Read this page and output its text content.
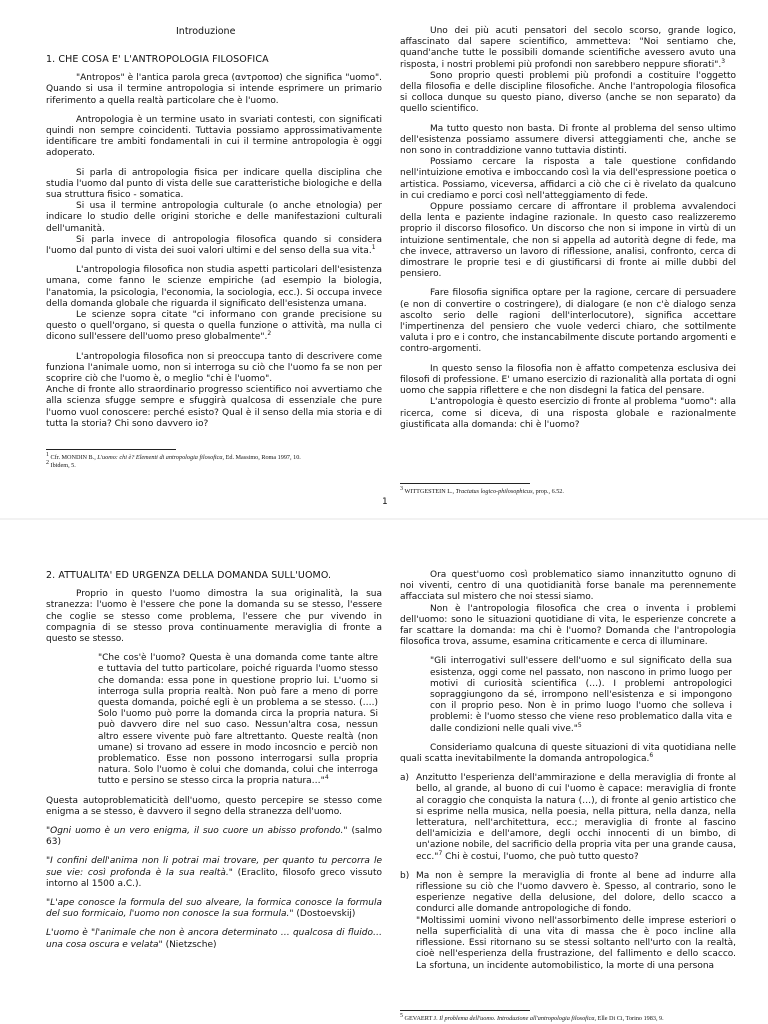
Introduzione
1. CHE COSA E' L'ANTROPOLOGIA FILOSOFICA

"Antropos" è l'antica parola greca (αντροποσ) che significa "uomo". Quando si usa il termine antropologia si intende esprimere un primario riferimento a quella realtà particolare che è l'uomo.

Antropologia è un termine usato in svariati contesti, con significati quindi non sempre coincidenti. Tuttavia possiamo approssimativamente identificare tre ambiti fondamentali in cui il termine antropologia è oggi adoperato.

Si parla di antropologia fisica per indicare quella disciplina che studia l'uomo dal punto di vista delle sue caratteristiche biologiche e della sua struttura fisico - somatica.

Si usa il termine antropologia culturale (o anche etnologia) per indicare lo studio delle origini storiche e delle manifestazioni culturali dell'umanità.

Si parla invece di antropologia filosofica quando si considera l'uomo dal punto di vista dei suoi valori ultimi e del senso della sua vita.$^1$

L'antropologia filosofica non studia aspetti particolari dell'esistenza umana, come fanno le scienze empiriche (ad esempio la biologia, l'anatomia, la psicologia, l'economia, la sociologia, ecc.). Si occupa invece della domanda globale che riguarda il significato dell'esistenza umana.

Le scienze sopra citate "ci informano con grande precisione su questo o quell'organo, si questa o quella funzione o attività, ma nulla ci dicono sull'essere dell'uomo preso globalmente".$^2$

L'antropologia filosofica non si preoccupa tanto di descrivere come funziona l'animale uomo, non si interroga su ciò che l'uomo fa se non per scoprire ciò che l'uomo è, o meglio "chi è l'uomo".

Anche di fronte allo straordinario progresso scientifico noi avvertiamo che alla scienza sfugge sempre e sfuggirà qualcosa di essenziale che pure l'uomo vuol conoscere: perché esisto? Qual è il senso della mia storia e di tutta la storia? Chi sono davvero io?

$^1$ Cfr. MONDIN B., L'uomo: chi è? Elementi di antropologia filosofica, Ed. Massimo, Roma 1997, 10.

$^2$ Ibidem, 5.

Uno dei più acuti pensatori del secolo scorso, grande logico, affascinato dal sapere scientifico, ammetteva: "Noi sentiamo che, quand'anche tutte le possibili domande scientifiche avessero avuto una risposta, i nostri problemi più profondi non sarebbero neppure sfiorati".$^3$

Sono proprio questi problemi più profondi a costituire l'oggetto della filosofia e delle discipline filosofiche. Anche l'antropologia filosofica si colloca dunque su questo piano, diverso (anche se non separato) da quello scientifico.

Ma tutto questo non basta. Di fronte al problema del senso ultimo dell'esistenza possiamo assumere diversi atteggiamenti che, anche se non sono in contraddizione vanno tuttavia distinti.

Possiamo cercare la risposta a tale questione confidando nell'intuizione emotiva e imboccando così la via dell'espressione poetica o artistica. Possiamo, viceversa, affidarci a ciò che ci è rivelato da qualcuno in cui crediamo e porci così nell'atteggiamento di fede.

Oppure possiamo cercare di affrontare il problema avvalendoci della lenta e paziente indagine razionale. In questo caso realizzeremo proprio il discorso filosofico. Un discorso che non si impone in virtù di un intuizione sentimentale, che non si appella ad autorità degne di fede, ma che invece, attraverso un lavoro di riflessione, analisi, confronto, cerca di dimostrare le proprie tesi e di giustificarsi di fronte ai mille dubbi del pensiero.

Fare filosofia significa optare per la ragione, cercare di persuadere (e non di convertire o costringere), di dialogare (e non c'è dialogo senza ascolto serio delle ragioni dell'interlocutore), significa accettare l'impertinenza del pensiero che vuole vederci chiaro, che sottilmente valuta i pro e i contro, che instancabilmente discute portando argomenti e contro-argomenti.

In questo senso la filosofia non è affatto competenza esclusiva dei filosofi di professione. E' umano esercizio di razionalità alla portata di ogni uomo che sappia riflettere e che non disdegni la fatica del pensare.

L'antropologia è questo esercizio di fronte al problema "uomo": alla ricerca, come si diceva, di una risposta globale e razionalmente giustificata alla domanda: chi è l'uomo?

$^3$ WITTGESTEIN L., Tractatus logico-philosophicus, prop., 6.52.

1
2. ATTUALITA' ED URGENZA DELLA DOMANDA SULL'UOMO.

Proprio in questo l'uomo dimostra la sua originalità, la sua stranezza: l'uomo è l'essere che pone la domanda su se stesso, l'essere che coglie se stesso come problema, l'essere che pur vivendo in compagnia di se stesso prova continuamente meraviglia di fronte a questo se stesso.

"Che cos'è l'uomo? Questa è una domanda come tante altre e tuttavia del tutto particolare, poiché riguarda l'uomo stesso che domanda: essa pone in questione proprio lui. L'uomo si interroga sulla propria realtà. Non può fare a meno di porre questa domanda, poiché egli è un problema a se stesso. (….) Solo l'uomo può porre la domanda circa la propria natura. Si può davvero dire nel suo caso. Nessun'altra cosa, nessun altro essere vivente può fare altrettanto. Queste realtà (non umane) si trovano ad essere in modo incosncio e perciò non problematico. Esse non possono interrogarsi sulla propria natura. Solo l'uomo è colui che domanda, colui che interroga tutto e persino se stesso circa la propria natura…"$^4$

Questa autoproblematicità dell'uomo, questo percepire se stesso come enigma a se stesso, è davvero il segno della stranezza dell'uomo.

"Ogni uomo è un vero enigma, il suo cuore un abisso profondo." (salmo 63)

"I confini dell'anima non li potrai mai trovare, per quanto tu percorra le sue vie: così profonda è la sua realtà." (Eraclito, filosofo greco vissuto intorno al 1500 a.C.).

"L'ape conosce la formula del suo alveare, la formica conosce la formula del suo formicaio, l'uomo non conosce la sua formula." (Dostoevskij)

L'uomo è "l'animale che non è ancora determinato … qualcosa di fluido…una cosa oscura e velata" (Nietzsche)

Ora quest'uomo così problematico siamo innanzitutto ognuno di noi viventi, centro di una quotidianità forse banale ma perennemente affacciata sul mistero che noi stessi siamo.

Non è l'antropologia filosofica che crea o inventa i problemi dell'uomo: sono le situazioni quotidiane di vita, le esperienze concrete a far scattare la domanda: ma chi è l'uomo? Domanda che l'antropologia filosofica trova, assume, esamina criticamente e cerca di illuminare.

"Gli interrogativi sull'essere dell'uomo e sul significato della sua esistenza, oggi come nel passato, non nascono in primo luogo per motivi di curiosità scientifica (…). I problemi antropologici sopraggiungono da sé, irrompono nell'esistenza e si impongono con il proprio peso. Non è in primo luogo l'uomo che solleva i problemi: è l'uomo stesso che viene reso problematico dalla vita e dalle condizioni nelle quali vive."$^5$

Consideriamo qualcuna di queste situazioni di vita quotidiana nelle quali scatta inevitabilmente la domanda antropologica.$^6$

a) Anzitutto l'esperienza dell'ammirazione e della meraviglia di fronte al bello, al grande, al buono di cui l'uomo è capace: meraviglia di fronte al coraggio che conquista la natura (…), di fronte al genio artistico che si esprime nella musica, nella poesia, nella pittura, nella danza, nella letteratura, nell'architettura, ecc.; meraviglia di fronte al fascino dell'amicizia e dell'amore, degli occhi innocenti di un bimbo, di un'azione nobile, del sacrificio della propria vita per una grande causa, ecc."$^7$ Chi è costui, l'uomo, che può tutto questo?
b) Ma non è sempre la meraviglia di fronte al bene ad indurre alla riflessione su ciò che l'uomo davvero è. Spesso, al contrario, sono le esperienze negative della delusione, del dolore, dello scacco a condurci alle domande antropologiche di fondo.
"Moltissimi uomini vivono nell'assorbimento delle imprese esteriori o nella superficialità di una vita di massa che è poco incline alla riflessione. Essi ritornano su se stessi soltanto nell'urto con la realtà, cioè nell'esperienza della frustrazione, del fallimento e dello scacco. La sfortuna, un incidente automobilistico, la morte di una persona

$^5$ GEVAERT J. Il problema dell'uomo. Introduzione all'antropologia filosofica, Elle Di Ci, Torino 1983, 9.
